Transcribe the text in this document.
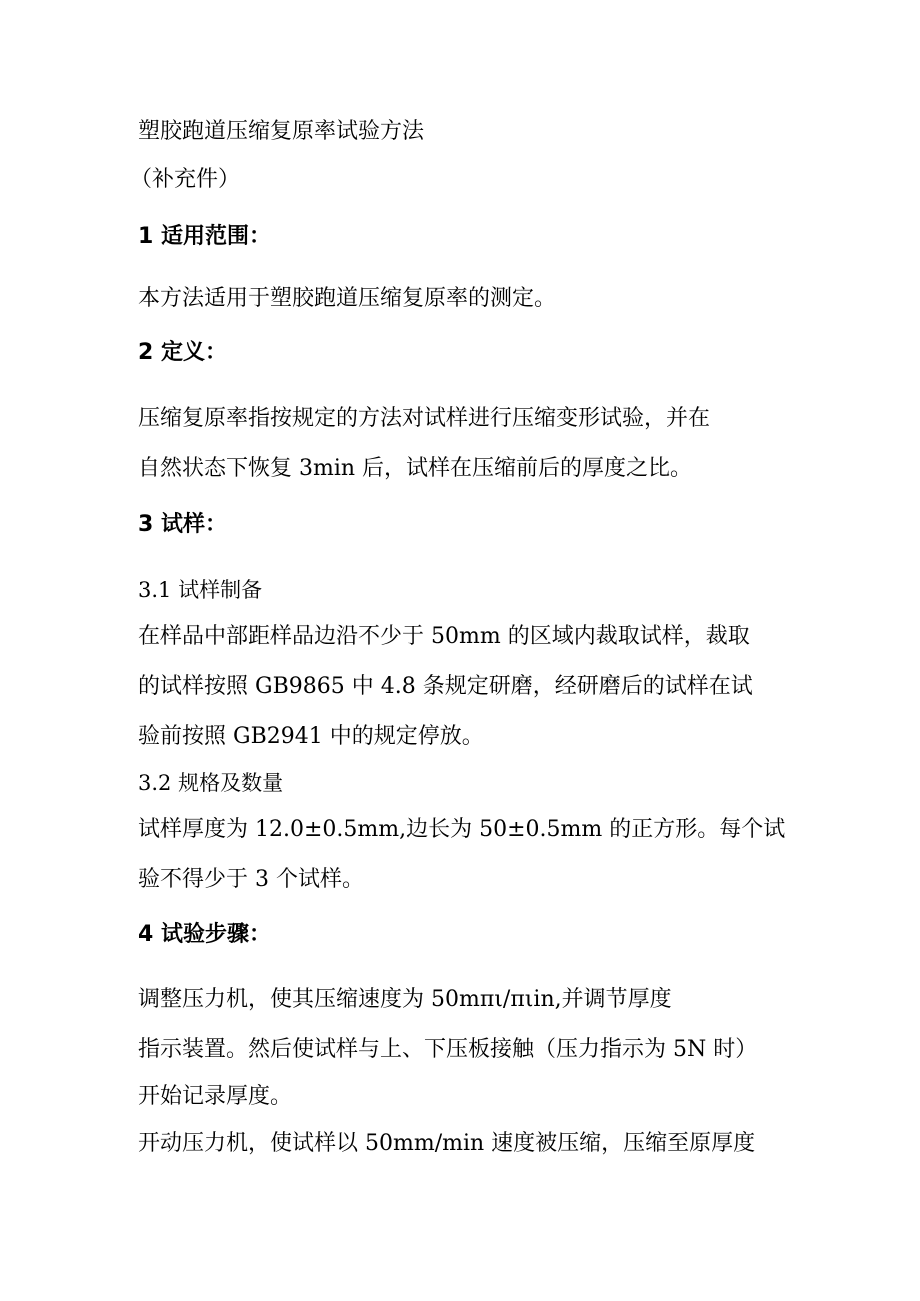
塑胶跑道压缩复原率试验方法

（补充件）

1 适用范围：

本方法适用于塑胶跑道压缩复原率的测定。

2 定义：

压缩复原率指按规定的方法对试样进行压缩变形试验，并在

自然状态下恢复 3min 后，试样在压缩前后的厚度之比。

3 试样：

3.1 试样制备

在样品中部距样品边沿不少于 50mm 的区域内裁取试样，裁取

的试样按照 GB9865 中 4.8 条规定研磨，经研磨后的试样在试

验前按照 GB2941 中的规定停放。

3.2 规格及数量

试样厚度为 12.0±0.5mm,边长为 50±0.5mm 的正方形。每个试

验不得少于 3 个试样。

4 试验步骤：

调整压力机，使其压缩速度为 50mπι/πιin,并调节厚度

指示装置。然后使试样与上、下压板接触（压力指示为 5N 时）

开始记录厚度。

开动压力机，使试样以 50mm/min 速度被压缩，压缩至原厚度
